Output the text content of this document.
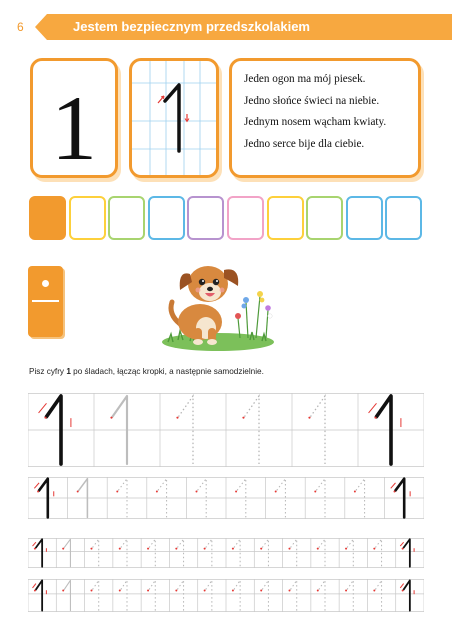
6	Jestem bezpiecznym przedszkolakiem
1	Jeden ogon ma mój piesek.
Jedno słońce świeci na niebie.
Jednym nosem wącham kwiaty.
Jedno serce bije dla ciebie.
Pisz cyfry 1 po śladach, łącząc kropki, a następnie samodzielnie.
